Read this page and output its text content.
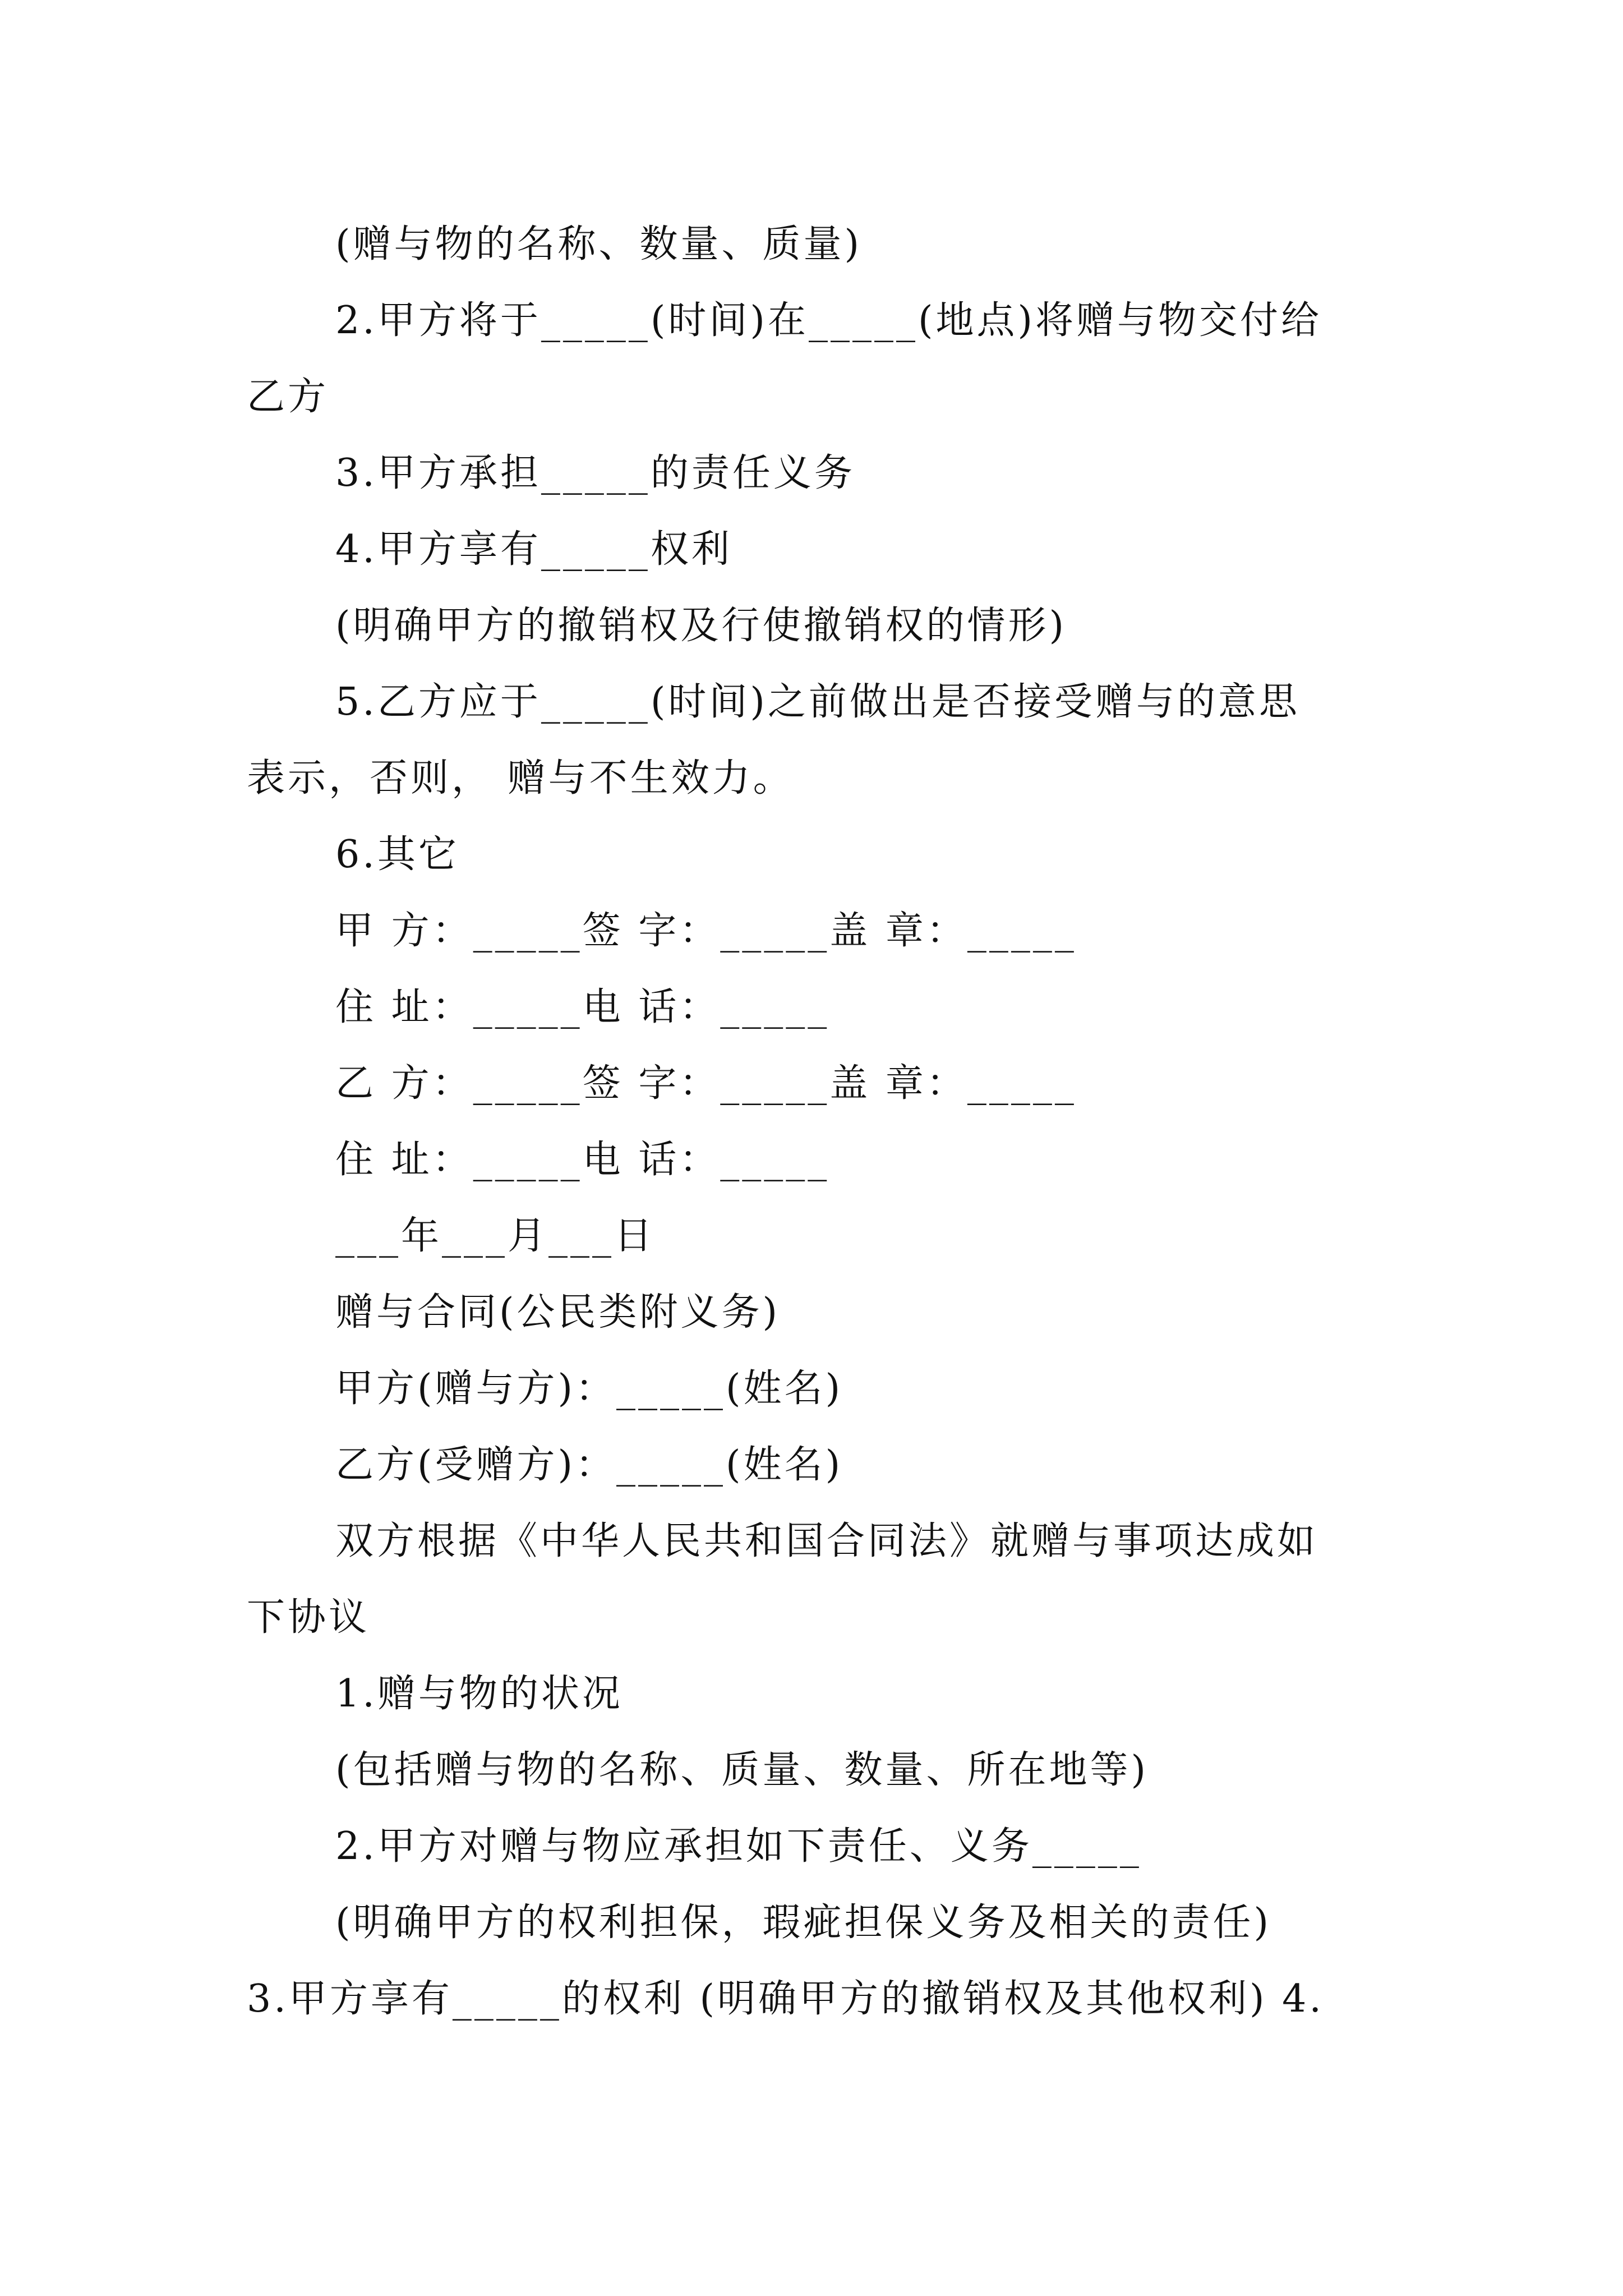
(赠与物的名称、数量、质量)
2.甲方将于_____(时间)在_____(地点)将赠与物交付给
乙方
3.甲方承担_____的责任义务
4.甲方享有_____权利
(明确甲方的撤销权及行使撤销权的情形)
5.乙方应于_____(时间)之前做出是否接受赠与的意思
表示，否则， 赠与不生效力。
6.其它
甲 方：_____签 字：_____盖 章：_____
住 址：_____电 话：_____
乙 方：_____签 字：_____盖 章：_____
住 址：_____电 话：_____
___年___月___日
赠与合同(公民类附义务)
甲方(赠与方)：_____(姓名)
乙方(受赠方)：_____(姓名)
双方根据《中华人民共和国合同法》就赠与事项达成如
下协议
1.赠与物的状况
(包括赠与物的名称、质量、数量、所在地等)
2.甲方对赠与物应承担如下责任、义务_____
(明确甲方的权利担保，瑕疵担保义务及相关的责任)
3.甲方享有_____的权利 (明确甲方的撤销权及其他权利) 4.
